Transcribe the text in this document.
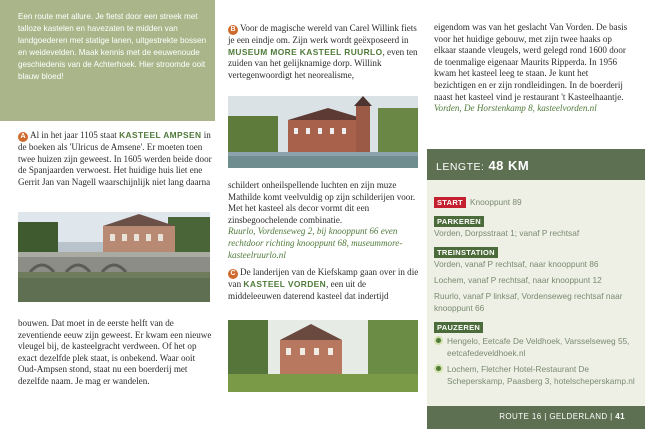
Een route met allure. Je fietst door een streek met talloze kastelen en havezaten te midden van landgoederen met statige lanen, uitgestrekte bossen en weidevelden. Maak kennis met de eeuwenoude geschiedenis van de Achterhoek. Hier stroomde ooit blauw bloed!

A Al in het jaar 1105 staat KASTEEL AMPSEN in de boeken als 'Ulricus de Amsene'. Er moeten toen twee huizen zijn geweest. In 1605 werden beide door de Spanjaarden verwoest. Het huidige huis liet ene Gerrit Jan van Nagell waarschijnlijk niet lang daarna

bouwen. Dat moet in de eerste helft van de zeventiende eeuw zijn geweest. Er kwam een nieuwe vleugel bij, de kasteelgracht verdween. Of het op exact dezelfde plek staat, is onbekend. Waar ooit Oud-Ampsen stond, staat nu een boerderij met dezelfde naam. Je mag er wandelen.

B Voor de magische wereld van Carel Willink fiets je een eindje om. Zijn werk wordt geëxposeerd in MUSEUM MORE KASTEEL RUURLO, even ten zuiden van het gelijknamige dorp. Willink vertegenwoordigt het neorealisme,

schildert onheilspellende luchten en zijn muze Mathilde komt veelvuldig op zijn schilderijen voor. Met het kasteel als decor vormt dit een zinsbegoochelende combinatie.

Ruurlo, Vordenseweg 2, bij knooppunt 66 even rechtdoor richting knooppunt 68, museummore-kasteelruurlo.nl

C De landerijen van de Kiefskamp gaan over in die van KASTEEL VORDEN, een uit de middeleeuwen daterend kasteel dat indertijd

eigendom was van het geslacht Van Vorden. De basis voor het huidige gebouw, met zijn twee haaks op elkaar staande vleugels, werd gelegd rond 1600 door de toenmalige eigenaar Maurits Ripperda. In 1956 kwam het kasteel leeg te staan. Je kunt het bezichtigen en er zijn rondleidingen. In de boerderij naast het kasteel vind je restaurant 't Kasteelhaantje.

Vorden, De Horstenkamp 8, kasteelvorden.nl

LENGTE: 48 KM
START Knooppunt 89
PARKEREN
Vorden, Dorpsstraat 1; vanaf P rechtsaf
TREINSTATION
Vorden, vanaf P rechtsaf, naar knooppunt 86
Lochem, vanaf P rechtsaf, naar knooppunt 12
Ruurlo, vanaf P linksaf, Vordenseweg rechtsaf naar knooppunt 66
PAUZEREN
Hengelo, Eetcafe De Veldhoek, Varsselseweg 55, eetcafedeveldhoek.nl
Lochem, Fletcher Hotel-Restaurant De Scheperskamp, Paasberg 3, hotelscheperskamp.nl
ROUTE 16 | GELDERLAND | 41
